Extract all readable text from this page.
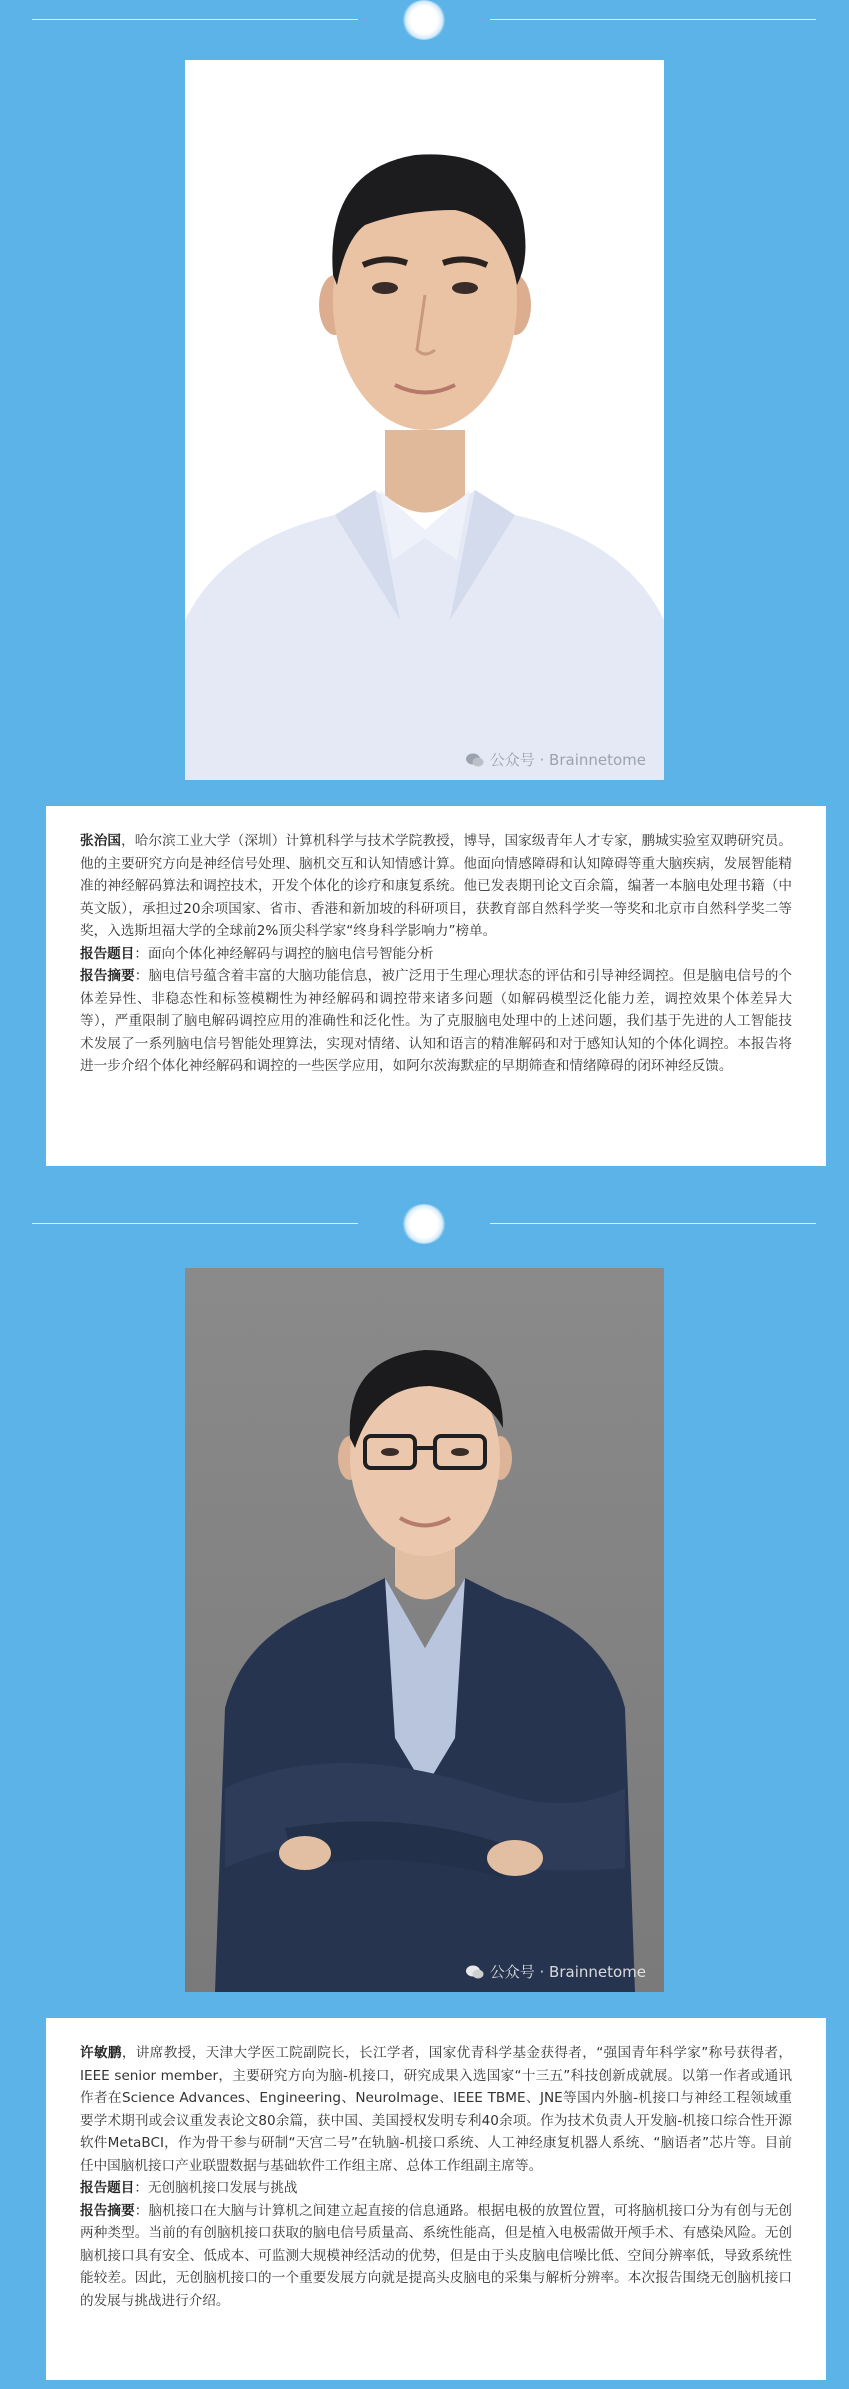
公众号 · Brainnetome

张治国，哈尔滨工业大学（深圳）计算机科学与技术学院教授，博导，国家级青年人才专家，鹏城实验室双聘研究员。他的主要研究方向是神经信号处理、脑机交互和认知情感计算。他面向情感障碍和认知障碍等重大脑疾病，发展智能精准的神经解码算法和调控技术，开发个体化的诊疗和康复系统。他已发表期刊论文百余篇，编著一本脑电处理书籍（中英文版），承担过20余项国家、省市、香港和新加坡的科研项目，获教育部自然科学奖一等奖和北京市自然科学奖二等奖，入选斯坦福大学的全球前2%顶尖科学家“终身科学影响力”榜单。

报告题目：面向个体化神经解码与调控的脑电信号智能分析

报告摘要：脑电信号蕴含着丰富的大脑功能信息，被广泛用于生理心理状态的评估和引导神经调控。但是脑电信号的个体差异性、非稳态性和标签模糊性为神经解码和调控带来诸多问题（如解码模型泛化能力差，调控效果个体差异大等），严重限制了脑电解码调控应用的准确性和泛化性。为了克服脑电处理中的上述问题，我们基于先进的人工智能技术发展了一系列脑电信号智能处理算法，实现对情绪、认知和语言的精准解码和对于感知认知的个体化调控。本报告将进一步介绍个体化神经解码和调控的一些医学应用，如阿尔茨海默症的早期筛查和情绪障碍的闭环神经反馈。

公众号 · Brainnetome

许敏鹏，讲席教授，天津大学医工院副院长，长江学者，国家优青科学基金获得者，“强国青年科学家”称号获得者，IEEE senior member，主要研究方向为脑-机接口，研究成果入选国家“十三五”科技创新成就展。以第一作者或通讯作者在Science Advances、Engineering、NeuroImage、IEEE TBME、JNE等国内外脑-机接口与神经工程领域重要学术期刊或会议重发表论文80余篇，获中国、美国授权发明专利40余项。作为技术负责人开发脑-机接口综合性开源软件MetaBCI，作为骨干参与研制“天宫二号”在轨脑-机接口系统、人工神经康复机器人系统、“脑语者”芯片等。目前任中国脑机接口产业联盟数据与基础软件工作组主席、总体工作组副主席等。

报告题目：无创脑机接口发展与挑战

报告摘要：脑机接口在大脑与计算机之间建立起直接的信息通路。根据电极的放置位置，可将脑机接口分为有创与无创两种类型。当前的有创脑机接口获取的脑电信号质量高、系统性能高，但是植入电极需做开颅手术、有感染风险。无创脑机接口具有安全、低成本、可监测大规模神经活动的优势，但是由于头皮脑电信噪比低、空间分辨率低，导致系统性能较差。因此，无创脑机接口的一个重要发展方向就是提高头皮脑电的采集与解析分辨率。本次报告围绕无创脑机接口的发展与挑战进行介绍。
